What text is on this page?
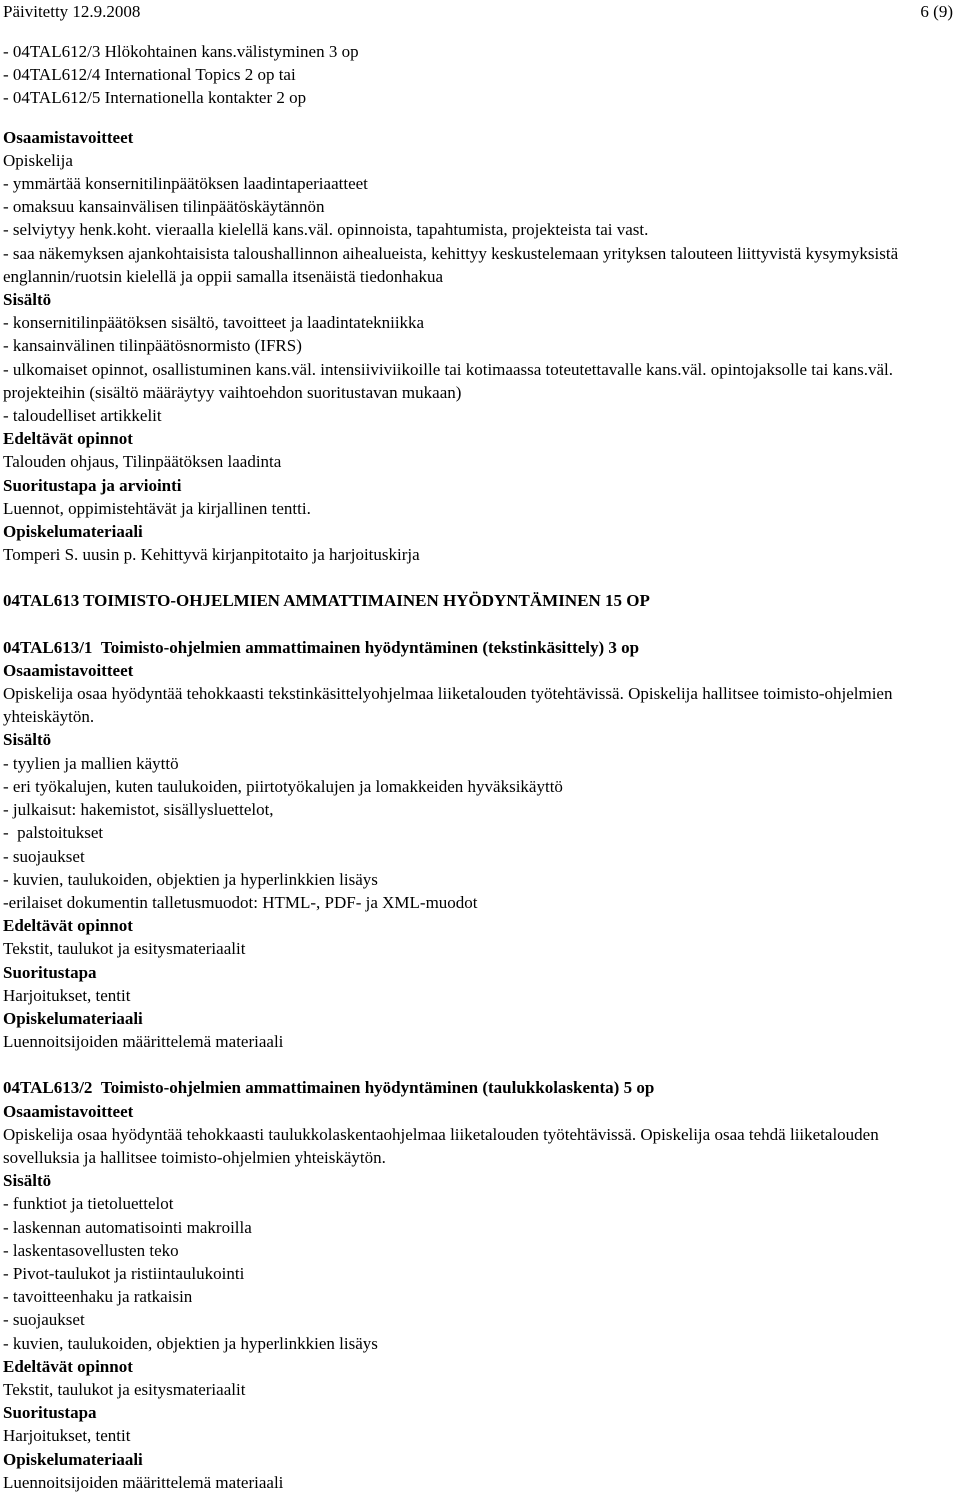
Päivitetty 12.9.2008	6 (9)
- 04TAL612/3 Hlökohtainen kans.välistyminen 3 op
- 04TAL612/4 International Topics 2 op tai
- 04TAL612/5 Internationella kontakter 2 op
Osaamistavoitteet
Opiskelija
- ymmärtää konsernitilinpäätöksen laadintaperiaatteet
- omaksuu kansainvälisen tilinpäätöskäytännön
- selviytyy henk.koht. vieraalla kielellä kans.väl. opinnoista, tapahtumista, projekteista tai vast.
- saa näkemyksen ajankohtaisista taloushallinnon aihealueista, kehittyy keskustelemaan yrityksen talouteen liittyvistä kysymyksistä englannin/ruotsin kielellä ja oppii samalla itsenäistä tiedonhakua
Sisältö
- konsernitilinpäätöksen sisältö, tavoitteet ja laadintatekniikka
- kansainvälinen tilinpäätösnormisto (IFRS)
- ulkomaiset opinnot, osallistuminen kans.väl. intensiiviviikoille tai kotimaassa toteutettavalle kans.väl. opintojaksolle tai kans.väl. projekteihin (sisältö määräytyy vaihtoehdon suoritustavan mukaan)
- taloudelliset artikkelit
Edeltävät opinnot
Talouden ohjaus, Tilinpäätöksen laadinta
Suoritustapa ja arviointi
Luennot, oppimistehtävät ja kirjallinen tentti.
Opiskelumateriaali
Tomperi S. uusin p. Kehittyvä kirjanpitotaito ja harjoituskirja
04TAL613 TOIMISTO-OHJELMIEN AMMATTIMAINEN HYÖDYNTÄMINEN 15 OP
04TAL613/1 Toimisto-ohjelmien ammattimainen hyödyntäminen (tekstinkäsittely) 3 op
Osaamistavoitteet
Opiskelija osaa hyödyntää tehokkaasti tekstinkäsittelyohjelmaa liiketalouden työtehtävissä. Opiskelija hallitsee toimisto-ohjelmien yhteiskäytön.
Sisältö
- tyylien ja mallien käyttö
- eri työkalujen, kuten taulukoiden, piirtotyökalujen ja lomakkeiden hyväksikäyttö
- julkaisut: hakemistot, sisällysluettelot,
-  palstoitukset
- suojaukset
- kuvien, taulukoiden, objektien ja hyperlinkkien lisäys
-erilaiset dokumentin talletusmuodot: HTML-, PDF- ja XML-muodot
Edeltävät opinnot
Tekstit, taulukot ja esitysmateriaalit
Suoritustapa
Harjoitukset, tentit
Opiskelumateriaali
Luennoitsijoiden määrittelemä materiaali
04TAL613/2 Toimisto-ohjelmien ammattimainen hyödyntäminen (taulukkolaskenta) 5 op
Osaamistavoitteet
Opiskelija osaa hyödyntää tehokkaasti taulukkolaskentaohjelmaa liiketalouden työtehtävissä. Opiskelija osaa tehdä liiketalouden sovelluksia ja hallitsee toimisto-ohjelmien yhteiskäytön.
Sisältö
- funktiot ja tietoluettelot
- laskennan automatisointi makroilla
- laskentasovellusten teko
- Pivot-taulukot ja ristiintaulukointi
- tavoitteenhaku ja ratkaisin
- suojaukset
- kuvien, taulukoiden, objektien ja hyperlinkkien lisäys
Edeltävät opinnot
Tekstit, taulukot ja esitysmateriaalit
Suoritustapa
Harjoitukset, tentit
Opiskelumateriaali
Luennoitsijoiden määrittelemä materiaali
